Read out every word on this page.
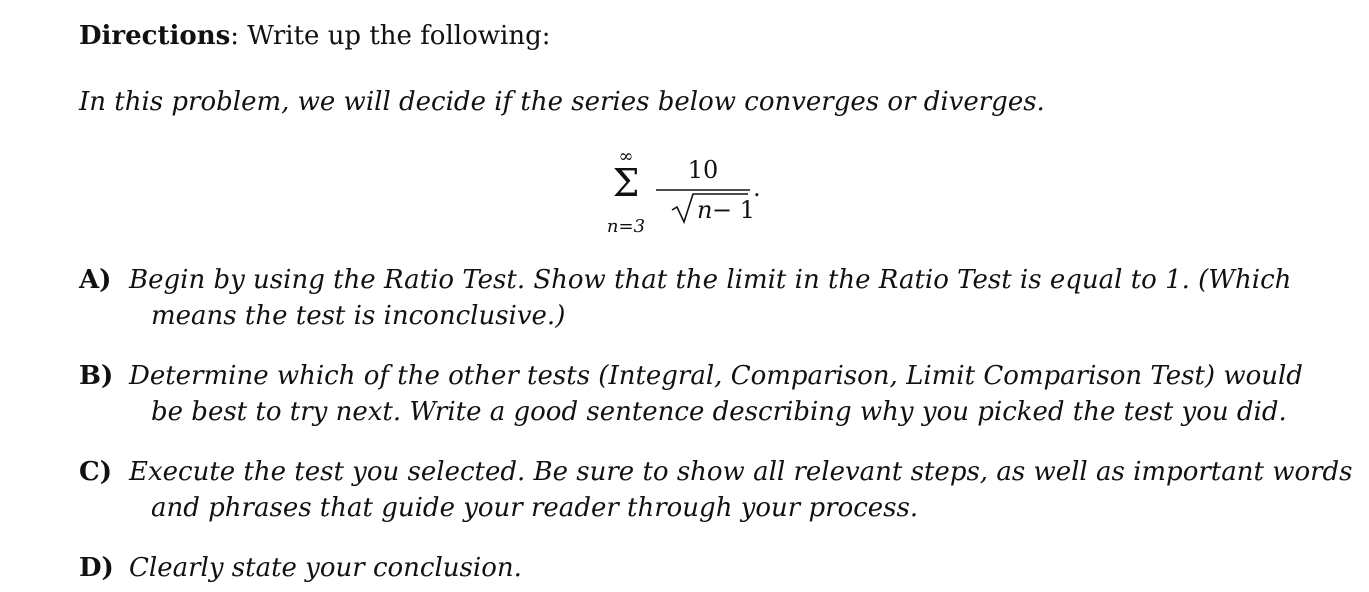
Directions: Write up the following:
In this problem, we will decide if the series below converges or diverges.
∞
Σ
n=3
10
n − 1
.
A) Begin by using the Ratio Test. Show that the limit in the Ratio Test is equal to 1. (Which
means the test is inconclusive.)
B) Determine which of the other tests (Integral, Comparison, Limit Comparison Test) would
be best to try next. Write a good sentence describing why you picked the test you did.
C) Execute the test you selected. Be sure to show all relevant steps, as well as important words
and phrases that guide your reader through your process.
D) Clearly state your conclusion.
